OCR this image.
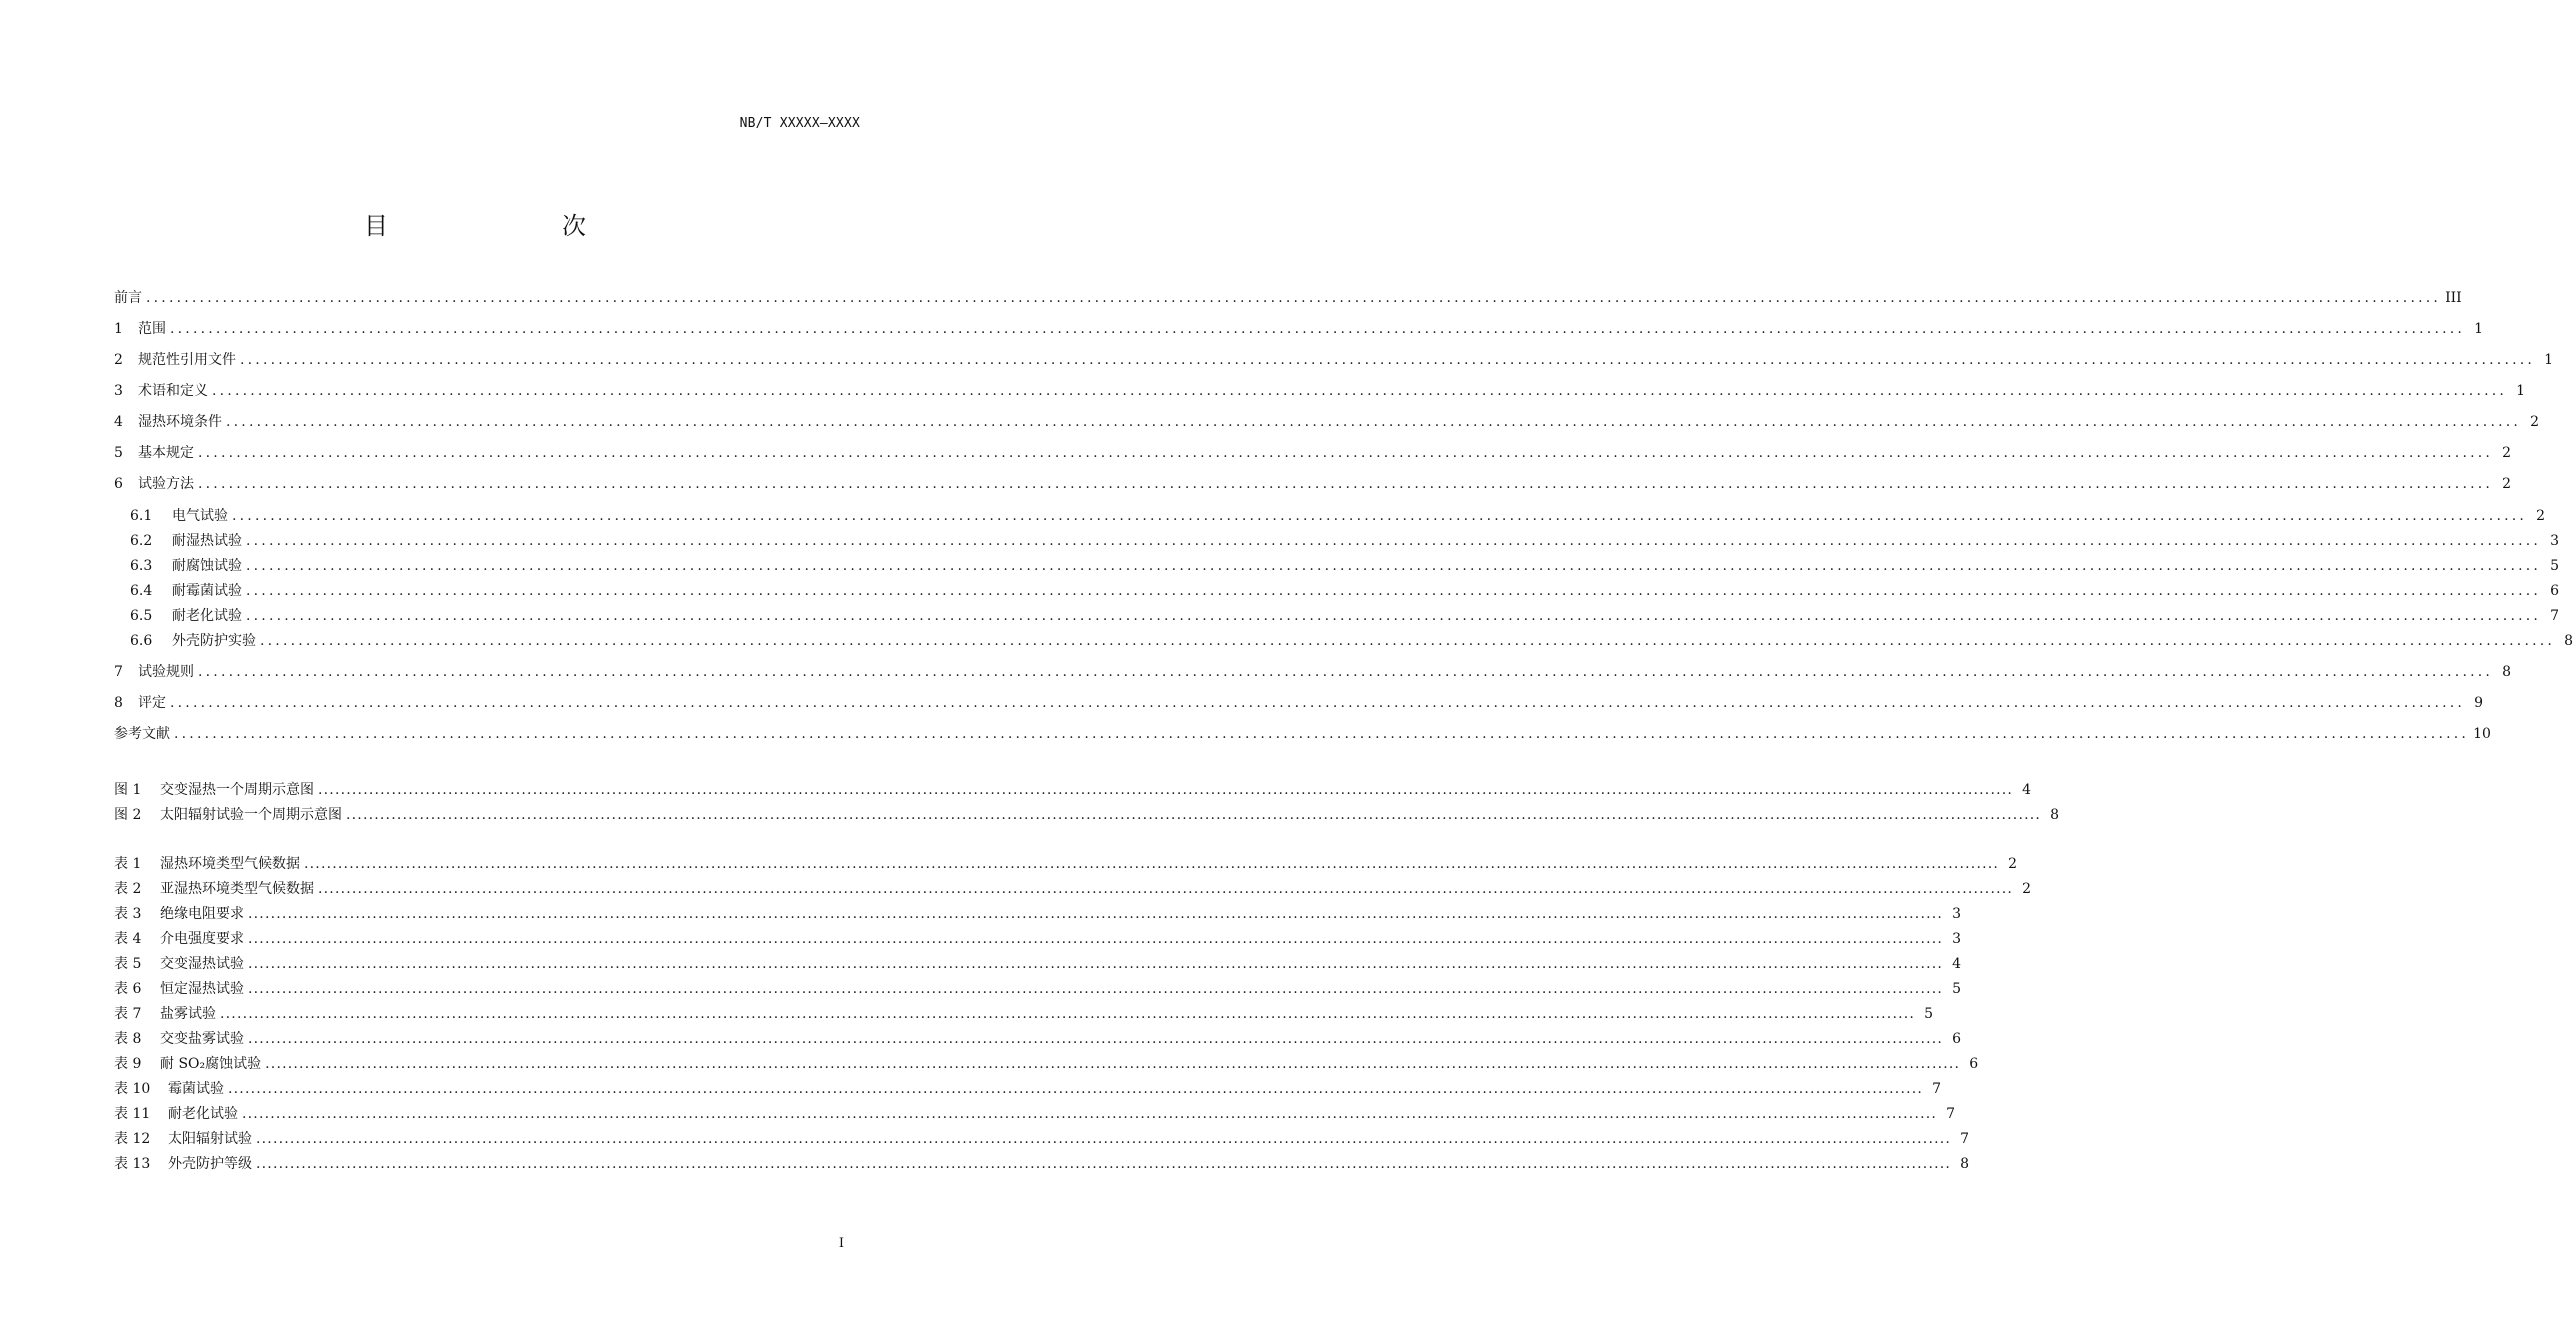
NB/T XXXXX—XXXX
目　　次
前言 ............................................................................................................................................................................................................................................................................................................ III
1	范围 ............................................................................................................................................................................................................................................................................................................ 1
2	规范性引用文件 ............................................................................................................................................................................................................................................................................................................ 1
3	术语和定义 ............................................................................................................................................................................................................................................................................................................ 1
4	湿热环境条件 ............................................................................................................................................................................................................................................................................................................ 2
5	基本规定 ............................................................................................................................................................................................................................................................................................................ 2
6	试验方法 ............................................................................................................................................................................................................................................................................................................ 2
6.1	电气试验 ............................................................................................................................................................................................................................................................................................................ 2
6.2	耐湿热试验 ............................................................................................................................................................................................................................................................................................................ 3
6.3	耐腐蚀试验 ............................................................................................................................................................................................................................................................................................................ 5
6.4	耐霉菌试验 ............................................................................................................................................................................................................................................................................................................ 6
6.5	耐老化试验 ............................................................................................................................................................................................................................................................................................................ 7
6.6	外壳防护实验 ............................................................................................................................................................................................................................................................................................................ 8
7	试验规则 ............................................................................................................................................................................................................................................................................................................ 8
8	评定 ............................................................................................................................................................................................................................................................................................................ 9
参考文献 ............................................................................................................................................................................................................................................................................................................ 10
图 1	交变湿热一个周期示意图 ............................................................................................................................................................................................................................................................................................................ 4
图 2	太阳辐射试验一个周期示意图 ............................................................................................................................................................................................................................................................................................................ 8
表 1	湿热环境类型气候数据 ............................................................................................................................................................................................................................................................................................................ 2
表 2	亚湿热环境类型气候数据 ............................................................................................................................................................................................................................................................................................................ 2
表 3	绝缘电阻要求 ............................................................................................................................................................................................................................................................................................................ 3
表 4	介电强度要求 ............................................................................................................................................................................................................................................................................................................ 3
表 5	交变湿热试验 ............................................................................................................................................................................................................................................................................................................ 4
表 6	恒定湿热试验 ............................................................................................................................................................................................................................................................................................................ 5
表 7	盐雾试验 ............................................................................................................................................................................................................................................................................................................ 5
表 8	交变盐雾试验 ............................................................................................................................................................................................................................................................................................................ 6
表 9	耐 SO₂腐蚀试验 ............................................................................................................................................................................................................................................................................................................ 6
表 10	霉菌试验 ............................................................................................................................................................................................................................................................................................................ 7
表 11	耐老化试验 ............................................................................................................................................................................................................................................................................................................ 7
表 12	太阳辐射试验 ............................................................................................................................................................................................................................................................................................................ 7
表 13	外壳防护等级 ............................................................................................................................................................................................................................................................................................................ 8
I
